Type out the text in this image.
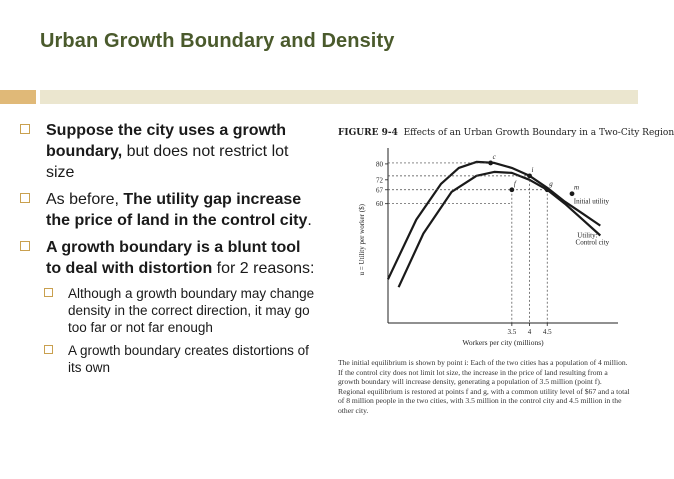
Urban Growth Boundary and Density
Suppose the city uses a growth boundary, but does not restrict lot size
As before, The utility gap increase the price of land in the control city.
A growth boundary is a blunt tool to deal with distortion for 2 reasons:
Although a growth boundary may change density in the correct direction, it may go too far or not far enough
A growth boundary creates distortions of its own
FIGURE 9-4 Effects of an Urban Growth Boundary in a Two-City Region
u = Utility per worker ($)
Workers per city (millions)
60
67
72
80
3.5 4 4.5
Initial utility
Utility:
Control city
c
i
f	g	m
The initial equilibrium is shown by point i: Each of the two cities has a population of 4 million. If the control city does not limit lot size, the increase in the price of land resulting from a growth boundary will increase density, generating a population of 3.5 million (point f). Regional equilibrium is restored at points f and g, with a common utility level of $67 and a total of 8 million people in the two cities, with 3.5 million in the control city and 4.5 million in the other city.
